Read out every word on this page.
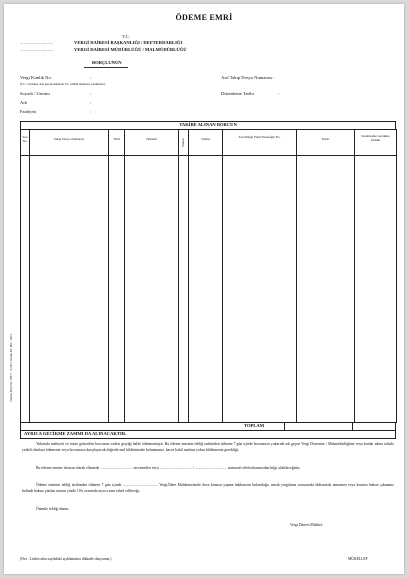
ÖDEME EMRİ
T.C.
.............................	VERGİ DAİRESİ BAŞKANLIĞI / DEFTERDARLIĞI
.............................	VERGİ DAİRESİ MÜDÜRLÜĞÜ / MALMÜDÜRLÜĞÜ
BORÇLUNUN
Vergi Kimlik No.	:
(T.C. vatandaşı olan gerçek kişilerde T.C. kimlik numarası yazılmıştır.)
Soyadı / Unvanı	:
Adı	:
Faaliyeti	:
Asıl Takip Dosya Numarası :
Düzenleme Tarihi	:
TAKİBE ALINAN BORCUN
Sıra No.	Takip Dosya Numarası	Türü	Dönemi	Vadesi	Vadesi	Ait Olduğu Fişin/Tutanağın No.	Tutarı	Kesinleşme Gecikme Zammı

TOPLAM
AYRICA GECİKME ZAMMI DA ALINACAKTIR.
Ödeme Emri No: 19077 - E.M.O. Resim Ed. Md. - 2012
Yukarıda mahiyeti ve tutarı gösterilen borcunuz vadesi geçtiği halde ödenmemiştir. Bu ödeme emrinin tebliğ tarihinden itibaren 7 gün içinde borcunuzu yukarıda adı geçen Vergi Dairesine / Malmüdürlüğüne veya bunlar adına tahsile yetkili olanlara ödemeniz veya borcunuzu karşılayacak değerde mal bildiriminde bulunmanız, hacze kabil malınız yoksa bildirmeniz gerekliği,
Bu ödeme emrine itirazın olarak elimizde .................................. servisinden veya .................................. / .................................. numaralı telefonlarımızdan bilgi alabileceğiniz,
Ödeme emrinin tebliğ tarihinden itibaren 7 gün içinde ..................................... Vergi/İdare Mahkemesinde dava konusu yapma hakkınızın bulunduğu, ancak yargılama sonucunda iddianızda tamamen veya kısmen haksız çıkmanız halinde haksız çıkılan tutarın yüzde 10'u oranında ayrıca zam tahsil edileceği,
Önemle tebliğ olunur.
Vergi Dairesi Müdürü
(Not : Lütfen arka sayfadaki açıklamaları dikkatle okuyunuz.)	MÜKELLEF
